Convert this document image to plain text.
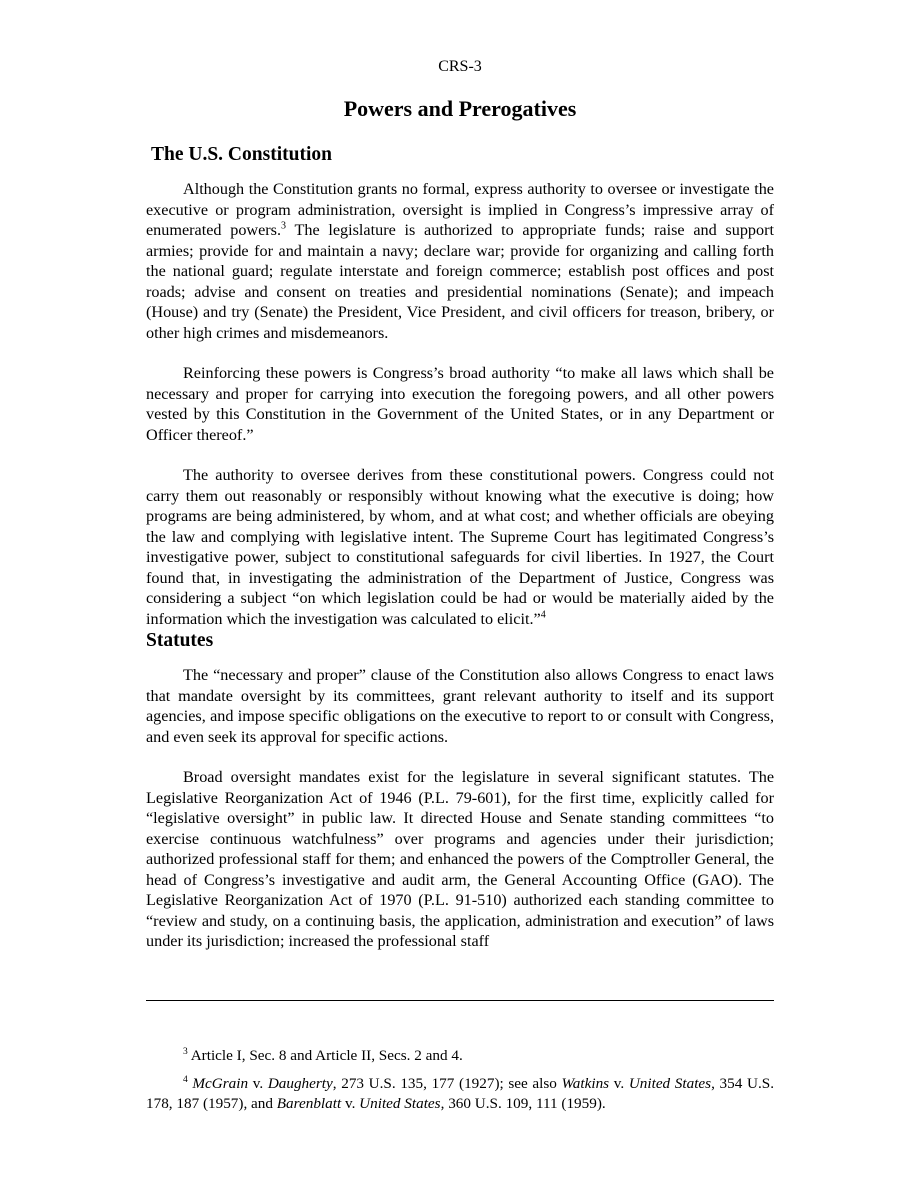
CRS-3
Powers and Prerogatives
The U.S. Constitution

Although the Constitution grants no formal, express authority to oversee or investigate the executive or program administration, oversight is implied in Congress’s impressive array of enumerated powers.$^3$ The legislature is authorized to appropriate funds; raise and support armies; provide for and maintain a navy; declare war; provide for organizing and calling forth the national guard; regulate interstate and foreign commerce; establish post offices and post roads; advise and consent on treaties and presidential nominations (Senate); and impeach (House) and try (Senate) the President, Vice President, and civil officers for treason, bribery, or other high crimes and misdemeanors.

Reinforcing these powers is Congress’s broad authority “to make all laws which shall be necessary and proper for carrying into execution the foregoing powers, and all other powers vested by this Constitution in the Government of the United States, or in any Department or Officer thereof.”

The authority to oversee derives from these constitutional powers. Congress could not carry them out reasonably or responsibly without knowing what the executive is doing; how programs are being administered, by whom, and at what cost; and whether officials are obeying the law and complying with legislative intent. The Supreme Court has legitimated Congress’s investigative power, subject to constitutional safeguards for civil liberties. In 1927, the Court found that, in investigating the administration of the Department of Justice, Congress was considering a subject “on which legislation could be had or would be materially aided by the information which the investigation was calculated to elicit.”$^4$

Statutes

The “necessary and proper” clause of the Constitution also allows Congress to enact laws that mandate oversight by its committees, grant relevant authority to itself and its support agencies, and impose specific obligations on the executive to report to or consult with Congress, and even seek its approval for specific actions.

Broad oversight mandates exist for the legislature in several significant statutes. The Legislative Reorganization Act of 1946 (P.L. 79-601), for the first time, explicitly called for “legislative oversight” in public law. It directed House and Senate standing committees “to exercise continuous watchfulness” over programs and agencies under their jurisdiction; authorized professional staff for them; and enhanced the powers of the Comptroller General, the head of Congress’s investigative and audit arm, the General Accounting Office (GAO). The Legislative Reorganization Act of 1970 (P.L. 91-510) authorized each standing committee to “review and study, on a continuing basis, the application, administration and execution” of laws under its jurisdiction; increased the professional staff

$^3$ Article I, Sec. 8 and Article II, Secs. 2 and 4.

$^4$ McGrain v. Daugherty, 273 U.S. 135, 177 (1927); see also Watkins v. United States, 354 U.S. 178, 187 (1957), and Barenblatt v. United States, 360 U.S. 109, 111 (1959).
